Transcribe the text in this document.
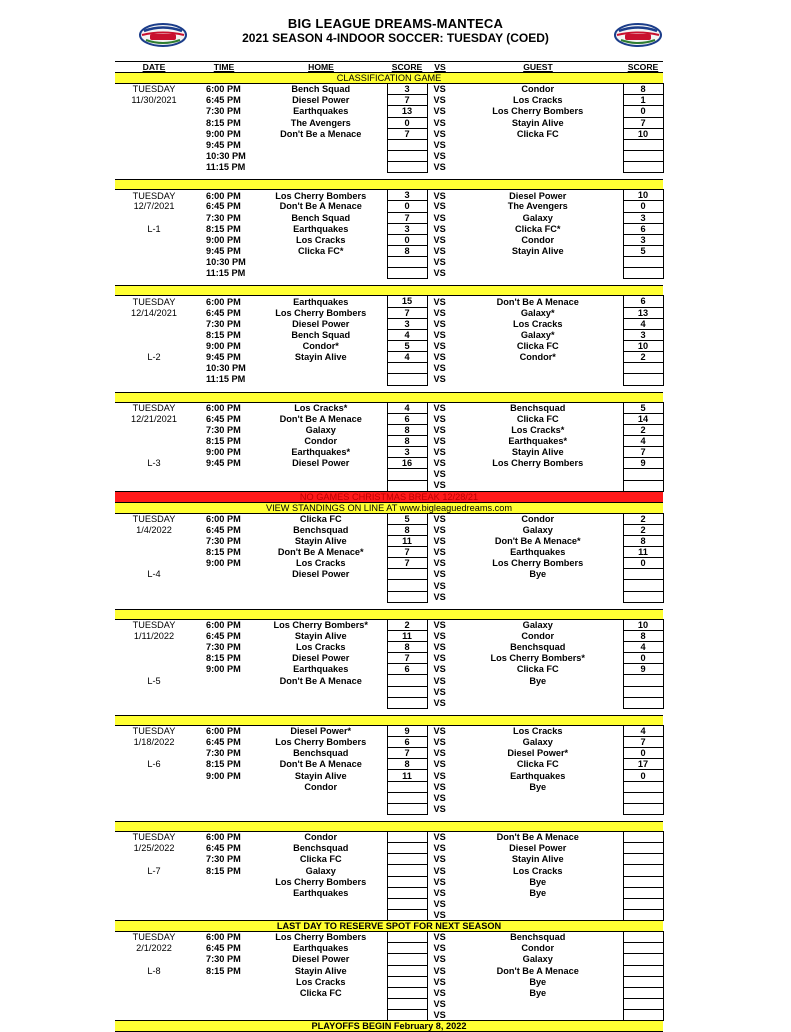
BIG LEAGUE DREAMS-MANTECA
2021 SEASON 4-INDOOR SOCCER: TUESDAY (COED)
DATE	TIME	HOME	SCORE	VS	GUEST	SCORE
CLASSIFICATION GAME						
TUESDAY	6:00 PM	Bench Squad	3	VS	Condor	8
11/30/2021	6:45 PM	Diesel Power	7	VS	Los Cracks	1
	7:30 PM	Earthquakes	13	VS	Los Cherry Bombers	0
	8:15 PM	The Avengers	0	VS	Stayin Alive	7
	9:00 PM	Don't Be a Menace	7	VS	Clicka FC	10
	9:45 PM			VS		
	10:30 PM			VS		
	11:15 PM			VS		

TUESDAY	6:00 PM	Los Cherry Bombers	3	VS	Diesel Power	10
12/7/2021	6:45 PM	Don't Be A Menace	0	VS	The Avengers	0
	7:30 PM	Bench Squad	7	VS	Galaxy	3
L-1	8:15 PM	Earthquakes	3	VS	Clicka FC*	6
	9:00 PM	Los Cracks	0	VS	Condor	3
	9:45 PM	Clicka FC*	8	VS	Stayin Alive	5
	10:30 PM			VS		
	11:15 PM			VS		

TUESDAY	6:00 PM	Earthquakes	15	VS	Don't Be A Menace	6
12/14/2021	6:45 PM	Los Cherry Bombers	7	VS	Galaxy*	13
	7:30 PM	Diesel Power	3	VS	Los Cracks	4
	8:15 PM	Bench Squad	4	VS	Galaxy*	3
	9:00 PM	Condor*	5	VS	Clicka FC	10
L-2	9:45 PM	Stayin Alive	4	VS	Condor*	2
	10:30 PM			VS		
	11:15 PM			VS		

TUESDAY	6:00 PM	Los Cracks*	4	VS	Benchsquad	5
12/21/2021	6:45 PM	Don't Be A Menace	6	VS	Clicka FC	14
	7:30 PM	Galaxy	8	VS	Los Cracks*	2
	8:15 PM	Condor	8	VS	Earthquakes*	4
	9:00 PM	Earthquakes*	3	VS	Stayin Alive	7
L-3	9:45 PM	Diesel Power	16	VS	Los Cherry Bombers	9
				VS		
				VS		
NO GAMES CHRISTMAS BREAK 12/28/21						
VIEW STANDINGS ON LINE AT www.bigleaguedreams.com						
TUESDAY	6:00 PM	Clicka FC	5	VS	Condor	2
1/4/2022	6:45 PM	Benchsquad	8	VS	Galaxy	2
	7:30 PM	Stayin Alive	11	VS	Don't Be A Menace*	8
	8:15 PM	Don't Be A Menace*	7	VS	Earthquakes	11
	9:00 PM	Los Cracks	7	VS	Los Cherry Bombers	0
L-4		Diesel Power		VS	Bye	
				VS		
				VS		

TUESDAY	6:00 PM	Los Cherry Bombers*	2	VS	Galaxy	10
1/11/2022	6:45 PM	Stayin Alive	11	VS	Condor	8
	7:30 PM	Los Cracks	8	VS	Benchsquad	4
	8:15 PM	Diesel Power	7	VS	Los Cherry Bombers*	0
	9:00 PM	Earthquakes	6	VS	Clicka FC	9
L-5		Don't Be A Menace		VS	Bye	
				VS		
				VS		

TUESDAY	6:00 PM	Diesel Power*	9	VS	Los Cracks	4
1/18/2022	6:45 PM	Los Cherry Bombers	6	VS	Galaxy	7
	7:30 PM	Benchsquad	7	VS	Diesel Power*	0
L-6	8:15 PM	Don't Be A Menace	8	VS	Clicka FC	17
	9:00 PM	Stayin Alive	11	VS	Earthquakes	0
		Condor		VS	Bye	
				VS		
				VS		

TUESDAY	6:00 PM	Condor		VS	Don't Be A Menace	
1/25/2022	6:45 PM	Benchsquad		VS	Diesel Power	
	7:30 PM	Clicka FC		VS	Stayin Alive	
L-7	8:15 PM	Galaxy		VS	Los Cracks	
		Los Cherry Bombers		VS	Bye	
		Earthquakes		VS	Bye	
				VS		
				VS		
LAST DAY TO RESERVE SPOT FOR NEXT SEASON						
TUESDAY	6:00 PM	Los Cherry Bombers		VS	Benchsquad	
2/1/2022	6:45 PM	Earthquakes		VS	Condor	
	7:30 PM	Diesel Power		VS	Galaxy	
L-8	8:15 PM	Stayin Alive		VS	Don't Be A Menace	
		Los Cracks		VS	Bye	
		Clicka FC		VS	Bye	
				VS		
				VS		
PLAYOFFS BEGIN February 8, 2022						
